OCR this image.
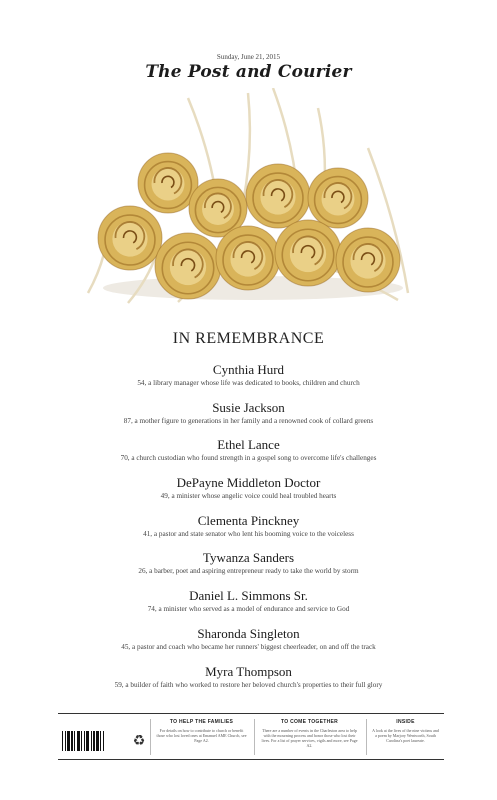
Sunday, June 21, 2015
The Post and Courier
IN REMEMBRANCE
Cynthia Hurd
54, a library manager whose life was dedicated to books, children and church
Susie Jackson
87, a mother figure to generations in her family and a renowned cook of collard greens
Ethel Lance
70, a church custodian who found strength in a gospel song to overcome life's challenges
DePayne Middleton Doctor
49, a minister whose angelic voice could heal troubled hearts
Clementa Pinckney
41, a pastor and state senator who lent his booming voice to the voiceless
Tywanza Sanders
26, a barber, poet and aspiring entrepreneur ready to take the world by storm
Daniel L. Simmons Sr.
74, a minister who served as a model of endurance and service to God
Sharonda Singleton
45, a pastor and coach who became her runners' biggest cheerleader, on and off the track
Myra Thompson
59, a builder of faith who worked to restore her beloved church's properties to their full glory
♻
TO HELP THE FAMILIES
For details on how to contribute to church or benefit those who lost loved ones at Emanuel AME Church, see Page A2.
TO COME TOGETHER
There are a number of events in the Charleston area to help with the mourning process and honor those who lost their lives. For a list of prayer services, vigils and more, see Page A2.
INSIDE
A look at the lives of the nine victims and a poem by Marjory Wentworth, South Carolina's poet laureate.
